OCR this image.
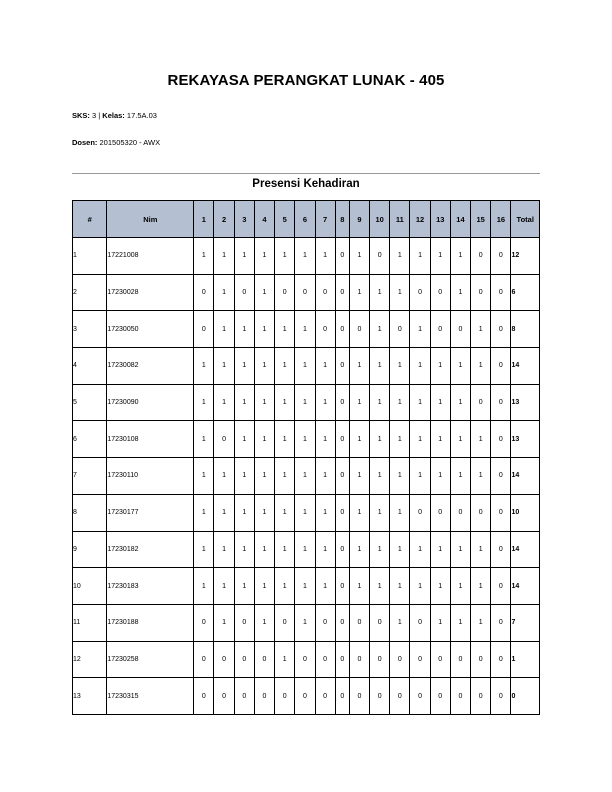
REKAYASA PERANGKAT LUNAK - 405
SKS: 3 | Kelas: 17.5A.03
Dosen: 201505320 - AWX
Presensi Kehadiran
#	Nim	1	2	3	4	5	6	7	8	9	10	11	12	13	14	15	16	Total
1	17221008	1	1	1	1	1	1	1	0	1	0	1	1	1	1	0	0	12
2	17230028	0	1	0	1	0	0	0	0	1	1	1	0	0	1	0	0	6
3	17230050	0	1	1	1	1	1	0	0	0	1	0	1	0	0	1	0	8
4	17230082	1	1	1	1	1	1	1	0	1	1	1	1	1	1	1	0	14
5	17230090	1	1	1	1	1	1	1	0	1	1	1	1	1	1	0	0	13
6	17230108	1	0	1	1	1	1	1	0	1	1	1	1	1	1	1	0	13
7	17230110	1	1	1	1	1	1	1	0	1	1	1	1	1	1	1	0	14
8	17230177	1	1	1	1	1	1	1	0	1	1	1	0	0	0	0	0	10
9	17230182	1	1	1	1	1	1	1	0	1	1	1	1	1	1	1	0	14
10	17230183	1	1	1	1	1	1	1	0	1	1	1	1	1	1	1	0	14
11	17230188	0	1	0	1	0	1	0	0	0	0	1	0	1	1	1	0	7
12	17230258	0	0	0	0	1	0	0	0	0	0	0	0	0	0	0	0	1
13	17230315	0	0	0	0	0	0	0	0	0	0	0	0	0	0	0	0	0
